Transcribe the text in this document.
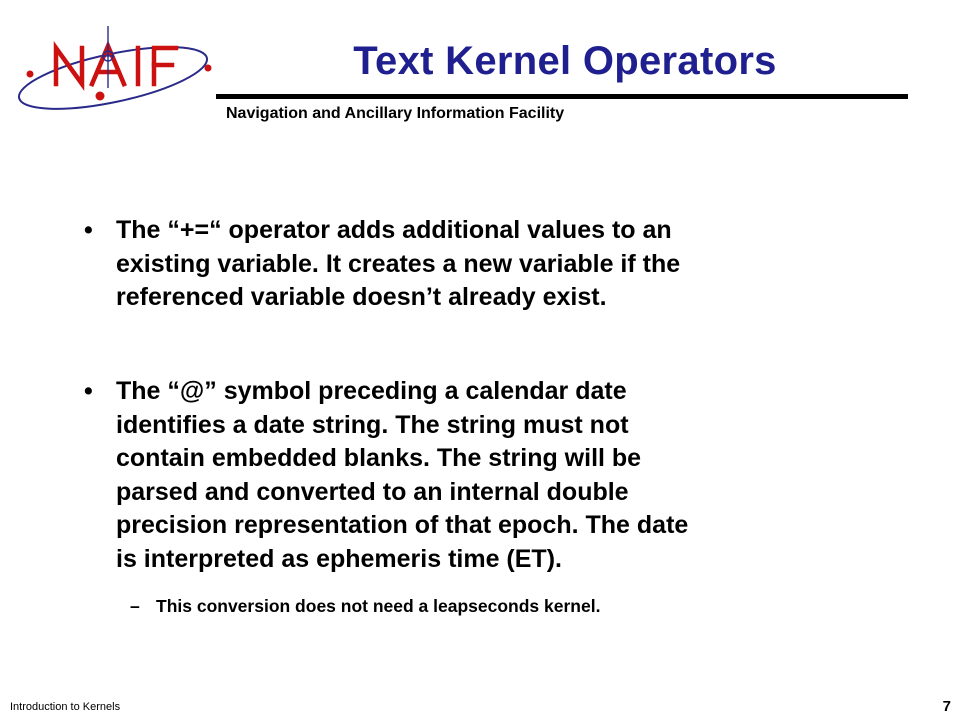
Text Kernel Operators
Navigation and Ancillary Information Facility
• The “+=“ operator adds additional values to an
existing variable. It creates a new variable if the
referenced variable doesn’t already exist.
• The “@” symbol preceding a calendar date
identifies a date string. The string must not
contain embedded blanks. The string will be
parsed and converted to an internal double
precision representation of that epoch. The date
is interpreted as ephemeris time (ET).
– This conversion does not need a leapseconds kernel.
Introduction to Kernels	7
